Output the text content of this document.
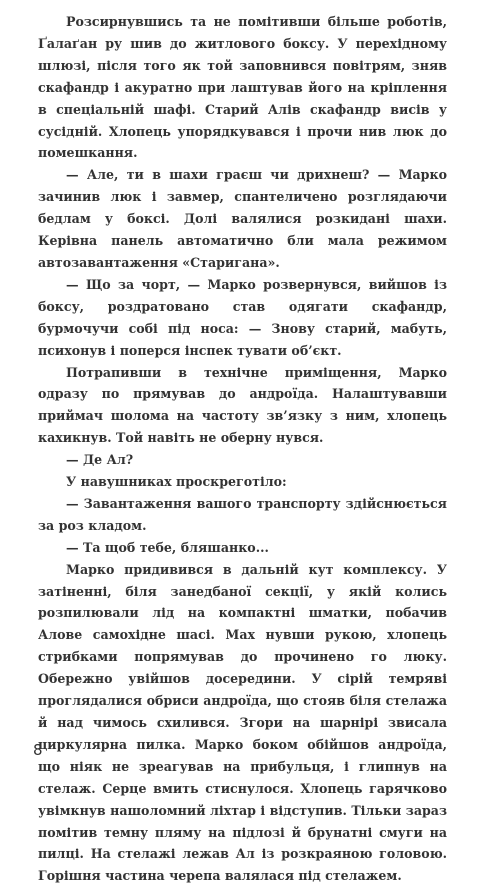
Розсирнувшись та не помітивши більше роботів, Ґалаґан ру шив до житлового боксу. У перехідному шлюзі, після того як той заповнився повітрям, зняв скафандр і акуратно при лаштував його на кріплення в спеціальній шафі. Старий Алів скафандр висів у сусідній. Хлопець упорядкувався і прочи нив люк до помешкання.

— Але, ти в шахи граєш чи дрихнеш? — Марко зачинив люк і завмер, спантеличено розглядаючи бедлам у боксі. Долі валялися розкидані шахи. Керівна панель автоматично бли мала режимом автозавантаження «Старигана».

— Що за чорт, — Марко розвернувся, вийшов із боксу, роздратовано став одягати скафандр, бурмочучи собі під носа: — Знову старий, мабуть, психонув і поперся інспек тувати об’єкт.

Потрапивши в технічне приміщення, Марко одразу по прямував до андроїда. Налаштувавши приймач шолома на частоту зв’язку з ним, хлопець кахикнув. Той навіть не оберну нувся.

— Де Ал?

У навушниках проскреготіло:

— Завантаження вашого транспорту здійснюється за роз кладом.

— Та щоб тебе, бляшанко...

Марко придивився в дальній кут комплексу. У затіненні, біля занедбаної секції, у якій колись розпилювали лід на компактні шматки, побачив Алове самохідне шасі. Мах нувши рукою, хлопець стрибками попрямував до прочинено го люку. Обережно увійшов досередини. У сірій темряві проглядалися обриси андроїда, що стояв біля стелажа й над чимось схилився. Згори на шарнірі звисала циркулярна пилка. Марко боком обійшов андроїда, що ніяк не зреагував на прибульця, і глипнув на стелаж. Серце вмить стиснулося. Хлопець гарячково увімкнув нашоломний ліхтар і відступив. Тільки зараз помітив темну пляму на підлозі й брунатні смуги на пилці. На стелажі лежав Ал із розкраяною головою. Горішня частина черепа валялася під стелажем.

8
